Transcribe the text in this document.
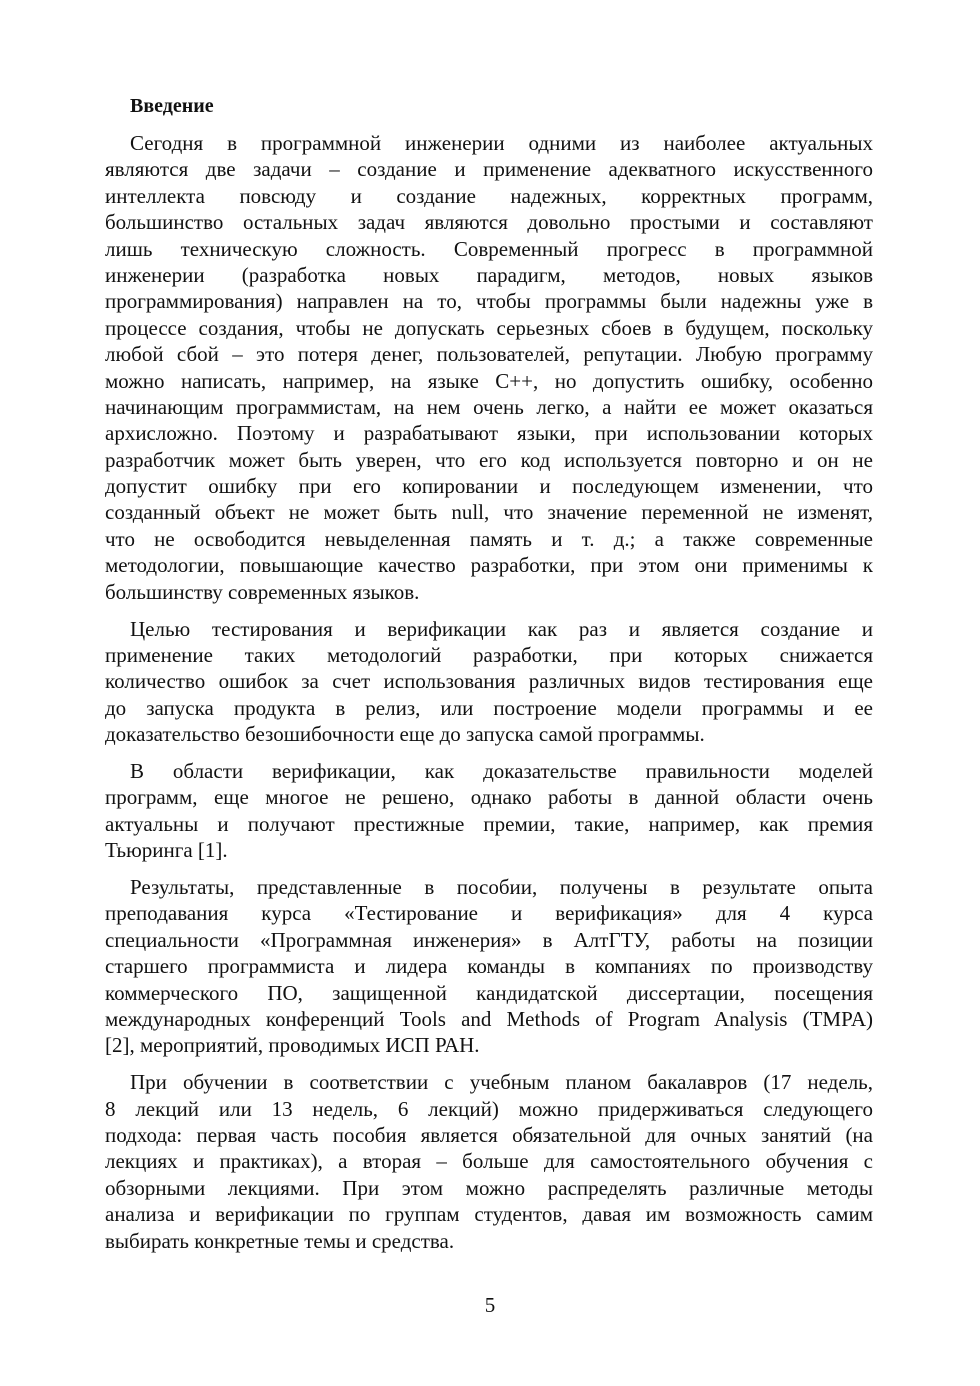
Введение
Сегодня в программной инженерии одними из наиболее актуальных
являются две задачи – создание и применение адекватного искусственного
интеллекта повсюду и создание надежных, корректных программ,
большинство остальных задач являются довольно простыми и составляют
лишь техническую сложность. Современный прогресс в программной
инженерии (разработка новых парадигм, методов, новых языков
программирования) направлен на то, чтобы программы были надежны уже в
процессе создания, чтобы не допускать серьезных сбоев в будущем, поскольку
любой сбой – это потеря денег, пользователей, репутации. Любую программу
можно написать, например, на языке C++, но допустить ошибку, особенно
начинающим программистам, на нем очень легко, а найти ее может оказаться
архисложно. Поэтому и разрабатывают языки, при использовании которых
разработчик может быть уверен, что его код используется повторно и он не
допустит ошибку при его копировании и последующем изменении, что
созданный объект не может быть null, что значение переменной не изменят,
что не освободится невыделенная память и т. д.; а также современные
методологии, повышающие качество разработки, при этом они применимы к
большинству современных языков.
Целью тестирования и верификации как раз и является создание и
применение таких методологий разработки, при которых снижается
количество ошибок за счет использования различных видов тестирования еще
до запуска продукта в релиз, или построение модели программы и ее
доказательство безошибочности еще до запуска самой программы.
В области верификации, как доказательстве правильности моделей
программ, еще многое не решено, однако работы в данной области очень
актуальны и получают престижные премии, такие, например, как премия
Тьюринга [1].
Результаты, представленные в пособии, получены в результате опыта
преподавания курса «Тестирование и верификация» для 4 курса
специальности «Программная инженерия» в АлтГТУ, работы на позиции
старшего программиста и лидера команды в компаниях по производству
коммерческого ПО, защищенной кандидатской диссертации, посещения
международных конференций Tools and Methods of Program Analysis (TMPA)
[2], мероприятий, проводимых ИСП РАН.
При обучении в соответствии с учебным планом бакалавров (17 недель,
8 лекций или 13 недель, 6 лекций) можно придерживаться следующего
подхода: первая часть пособия является обязательной для очных занятий (на
лекциях и практиках), а вторая – больше для самостоятельного обучения с
обзорными лекциями. При этом можно распределять различные методы
анализа и верификации по группам студентов, давая им возможность самим
выбирать конкретные темы и средства.
5
